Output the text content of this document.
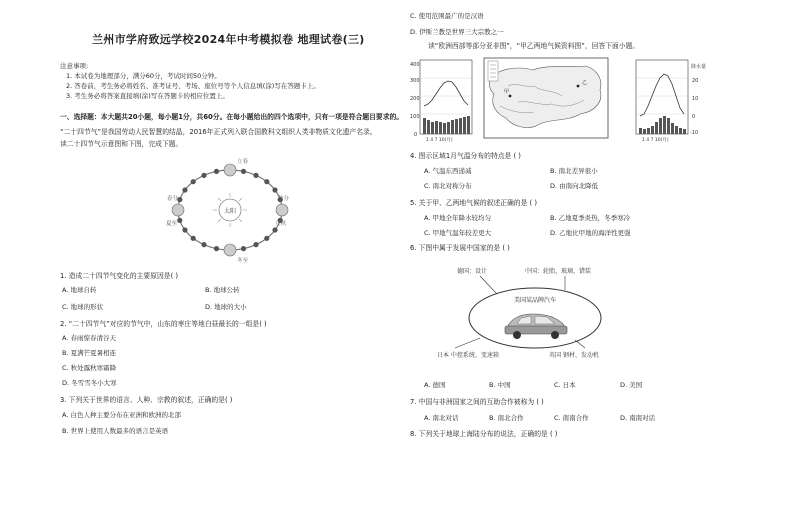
兰州市学府致远学校2024年中考模拟卷 地理试卷(三)
注意事项:
1. 本试卷为地理部分，满分60分，考试时间50分钟。
2. 答卷前，考生务必将姓名、准考证号、考场、座位号等个人信息填(涂)写在答题卡上。
3. 考生务必将答案直接填(涂)写在答题卡的相应位置上。
一、选择题：本大题共20小题，每小题1分，共60分。在每小题给出的四个选项中，只有一项是符合题目要求的。
“二十四节气”是我国劳动人民智慧的结晶，2016年正式列入联合国教科文组织人类非物质文化遗产名录。
读二十四节气示意图和下图，完成下题。
太阳
立春
冬至
春分
夏至
秋分
立秋
1. 造成二十四节气变化的主要原因是( )
A. 地球自转	B. 地球公转
C. 地球的形状	D. 地球的大小
2. “二十四节气”对应的节气中，山东的枣庄等地白昼最长的一组是( )
A. 春雨惊春清谷天
B. 夏满芒夏暑相连
C. 秋处露秋寒霜降
D. 冬雪雪冬小大寒
3. 下列关于世界的语言、人种、宗教的叙述，正确的是( )
A. 白色人种主要分布在亚洲和欧洲的北部
B. 世界上使用人数最多的语言是英语
C. 使用范围最广的是汉语
D. 伊斯兰教是世界三大宗教之一
读“欧洲西部等部分亚非图”，“甲乙两地气候资料图”，回答下面小题。
400
300
200
100
0
1 4 7 10(月)
甲
乙
降水量
20
10
0
-10
1 4 7 10(月)
4. 图示区域1月气温分布的特点是 ( )
A. 气温东西递减	B. 南北差异很小
C. 南北对称分布	D. 由南向北降低
5. 关于甲、乙两地气候的叙述正确的是 ( )
A. 甲地全年降水较均匀	B. 乙地夏季炎热，冬季寒冷
C. 甲地气温年较差更大	D. 乙地比甲地的海洋性更强
6. 下图中属于发展中国家的是 ( )
德国：设计	中国：轮胎、玻璃、错装
美国某品牌汽车
日本 中控系统、变速箱	英国 钢材、发动机
A. 德国	B. 中国	C. 日本	D. 美国
7. 中国与非洲国家之间的互助合作被称为 ( )
A. 南北对话	B. 南北合作	C. 南南合作	D. 南南对话
8. 下列关于地球上海陆分布的说法，正确的是 ( )
